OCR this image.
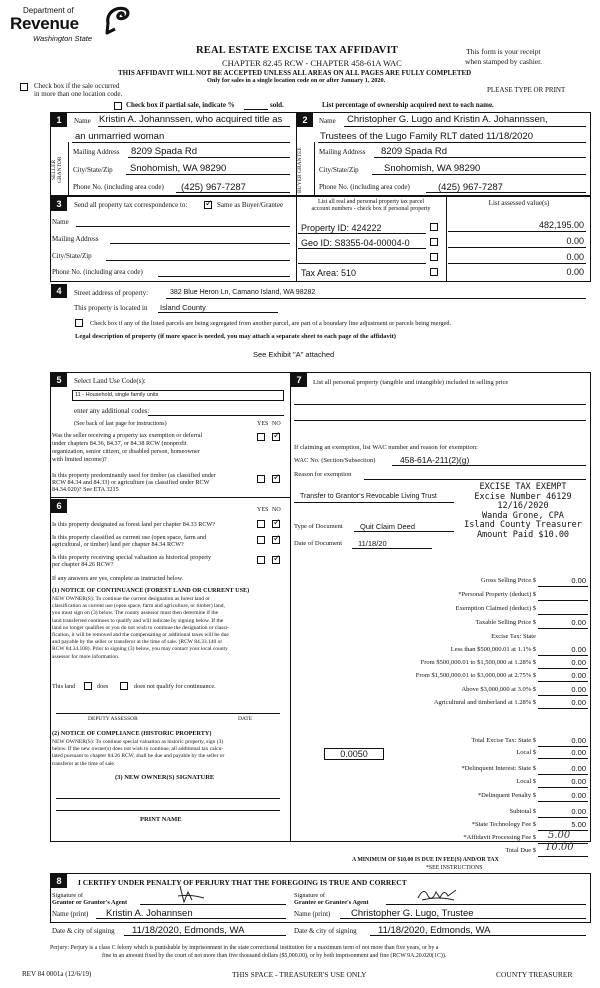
Department of
Revenue
Washington State
REAL ESTATE EXCISE TAX AFFIDAVIT
CHAPTER 82.45 RCW - CHAPTER 458-61A WAC
THIS AFFIDAVIT WILL NOT BE ACCEPTED UNLESS ALL AREAS ON ALL PAGES ARE FULLY COMPLETED
Only for sales in a single location code on or after January 1, 2020.
This form is your receipt
when stamped by cashier.
PLEASE TYPE OR PRINT
Check box if the sale occurred
in more than one location code.
Check box if partial sale, indicate %	sold.	List percentage of ownership acquired next to each name.
1
SELLER GRANTOR
Name Kristin A. Johannssen, who acquired title as
an unmarried woman
Mailing Address 8209 Spada Rd
City/State/Zip Snohomish, WA 98290
Phone No. (including area code) (425) 967-7287
2
BUYER GRANTEE
Name Christopher G. Lugo and Kristin A. Johannssen,
Trustees of the Lugo Family RLT dated 11/18/2020
Mailing Address 8209 Spada Rd
City/State/Zip	Snohomish, WA 98290
Phone No. (including area code)	(425) 967-7287
3	Send all property tax correspondence to:
✓	Same as Buyer/Grantee
Name
Mailing Address
City/State/Zip
Phone No. (including area code)
List all real and personal property tax parcel
account numbers - check box if personal property
List assessed value(s)
Property ID: 424222	482,195.00
Geo ID: S8355-04-00004-0	0.00
0.00
Tax Area: 510	0.00
4	Street address of property:	382 Blue Heron Ln, Camano Island, WA 98282
This property is located in Island County
Check box if any of the listed parcels are being segregated from another parcel, are part of a boundary line adjustment or parcels being merged.
Legal description of property (if more space is needed, you may attach a separate sheet to each page of the affidavit)
See Exhibit "A" attached
5	Select Land Use Code(s):
11 - Household, single family units
enter any additional codes:
(See back of last page for instructions)	YES NO
Was the seller receiving a property tax exemption or deferral
under chapters 84.36, 84.37, or 84.38 RCW (nonprofit
organization, senior citizen, or disabled person, homeowner
with limited income)?
✓
Is this property predominantly used for timber (as classified under
RCW 84.34 and 84.33) or agriculture (as classified under RCW
84.34.020)? See ETA 3215
✓
6	YES NO
Is this property designated as forest land per chapter 84.33 RCW?
✓
Is this property classified as current use (open space, farm and
agricultural, or timber) land per chapter 84.34 RCW?
✓
Is this property receiving special valuation as historical property
per chapter 84.26 RCW?
✓
If any answers are yes, complete as instructed below.
(1) NOTICE OF CONTINUANCE (FOREST LAND OR CURRENT USE)
NEW OWNER(S): To continue the current designation as forest land or
classification as current use (open space, farm and agriculture, or timber) land,
you must sign on (3) below. The county assessor must then determine if the
land transferred continues to qualify and will indicate by signing below. If the
land no longer qualifies or you do not wish to continue the designation or classi-
fication, it will be removed and the compensating or additional taxes will be due
and payable by the seller or transferor at the time of sale. (RCW 84.33.140 or
RCW 84.34.108). Prior to signing (3) below, you may contact your local county
assessor for more information.
This land	does	does not qualify for continuance.
DEPUTY ASSESSOR	DATE
(2) NOTICE OF COMPLIANCE (HISTORIC PROPERTY)
NEW OWNER(S): To continue special valuation as historic property, sign (3)
below. If the new owner(s) does not wish to continue, all additional tax calcu-
lated pursuant to chapter 84.26 RCW, shall be due and payable by the seller or
transferor at the time of sale.
(3) NEW OWNER(S) SIGNATURE
PRINT NAME
7	List all personal property (tangible and intangible) included in selling price
If claiming an exemption, list WAC number and reason for exemption:
WAC No. (Section/Subsection)	458-61A-211(2)(g)
Reason for exemption
Transfer to Grantor's Revocable Living Trust
Type of Document Quit Claim Deed
Date of Document 11/18/20
EXCISE TAX EXEMPT
Excise Number 46129
12/16/2020
Wanda Grone, CPA
Island County Treasurer
Amount Paid $10.00
Gross Selling Price $	0.00
*Personal Property (deduct) $
Exemption Claimed (deduct) $
Taxable Selling Price $	0.00
Excise Tax: State
Less than $500,000.01 at 1.1% $	0.00
From $500,000.01 to $1,500,000 at 1.28% $	0.00
From $1,500,000.01 to $3,000,000 at 2.75% $	0.00
Above $3,000,000 at 3.0% $	0.00
Agricultural and timberland at 1.28% $	0.00
Total Excise Tax: State $	0.00
Local $	0.00
*Delinquent Interest: State $	0.00
Local $	0.00
*Delinquent Penalty $	0.00
Subtotal $	0.00
*State Technology Fee $	5.00
*Affidavit Processing Fee $
Total Due $
0.0050
5.00
10.00
A MINIMUM OF $10.00 IS DUE IN FEE(S) AND/OR TAX
*SEE INSTRUCTIONS
8	I CERTIFY UNDER PENALTY OF PERJURY THAT THE FOREGOING IS TRUE AND CORRECT
Signature of
Grantor or Grantor's Agent
Name (print) Kristin A. Johannsen
Date & city of signing 11/18/2020, Edmonds, WA
Signature of
Grantee or Grantee's Agent
Name (print) Christopher G. Lugo, Trustee
Date & city of signing 11/18/2020, Edmonds, WA
Perjury: Perjury is a class C felony which is punishable by imprisonment in the state correctional institution for a maximum term of not more than five years, or by a
fine in an amount fixed by the court of not more than five thousand dollars ($5,000.00), or by both imprisonment and fine (RCW 9A.20.020(1C)).
REV 84 0001a (12/6/19)	THIS SPACE - TREASURER'S USE ONLY	COUNTY TREASURER
